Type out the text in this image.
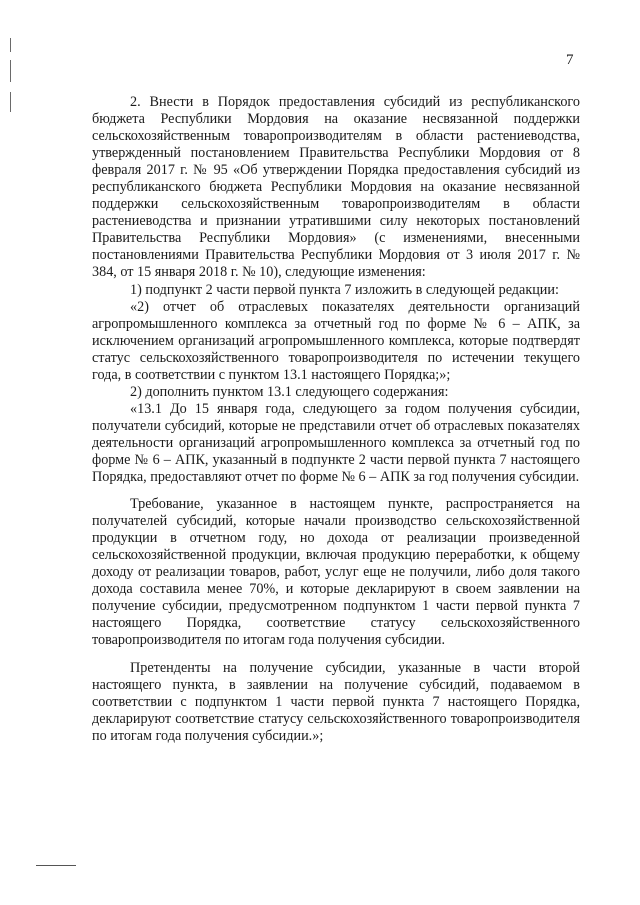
7

2. Внести в Порядок предоставления субсидий из республиканского бюджета Республики Мордовия на оказание несвязанной поддержки сельскохозяйственным товаропроизводителям в области растениеводства, утвержденный постановлением Правительства Республики Мордовия от 8 февраля 2017 г. № 95 «Об утверждении Порядка предоставления субсидий из республиканского бюджета Республики Мордовия на оказание несвязанной поддержки сельскохозяйственным товаропроизводителям в области растениеводства и признании утратившими силу некоторых постановлений Правительства Республики Мордовия» (с изменениями, внесенными постановлениями Правительства Республики Мордовия от 3 июля 2017 г. № 384, от 15 января 2018 г. № 10), следующие изменения:

1) подпункт 2 части первой пункта 7 изложить в следующей редакции:

«2) отчет об отраслевых показателях деятельности организаций агропромышленного комплекса за отчетный год по форме № 6 – АПК, за исключением организаций агропромышленного комплекса, которые подтвердят статус сельскохозяйственного товаропроизводителя по истечении текущего года, в соответствии с пунктом 13.1 настоящего Порядка;»;

2) дополнить пунктом 13.1 следующего содержания:

«13.1 До 15 января года, следующего за годом получения субсидии, получатели субсидий, которые не представили отчет об отраслевых показателях деятельности организаций агропромышленного комплекса за отчетный год по форме № 6 – АПК, указанный в подпункте 2 части первой пункта 7 настоящего Порядка, предоставляют отчет по форме № 6 – АПК за год получения субсидии.

Требование, указанное в настоящем пункте, распространяется на получателей субсидий, которые начали производство сельскохозяйственной продукции в отчетном году, но дохода от реализации произведенной сельскохозяйственной продукции, включая продукцию переработки, к общему доходу от реализации товаров, работ, услуг еще не получили, либо доля такого дохода составила менее 70%, и которые декларируют в своем заявлении на получение субсидии, предусмотренном подпунктом 1 части первой пункта 7 настоящего Порядка, соответствие статусу сельскохозяйственного товаропроизводителя по итогам года получения субсидии.

Претенденты на получение субсидии, указанные в части второй настоящего пункта, в заявлении на получение субсидий, подаваемом в соответствии с подпунктом 1 части первой пункта 7 настоящего Порядка, декларируют соответствие статусу сельскохозяйственного товаропроизводителя по итогам года получения субсидии.»;
